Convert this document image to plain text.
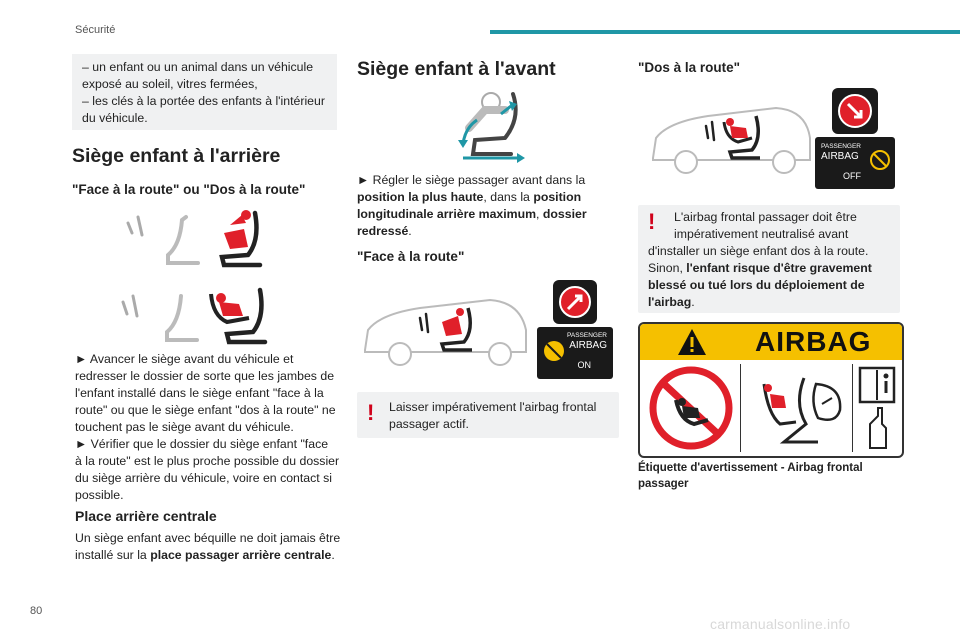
Sécurité

– un enfant ou un animal dans un véhicule

exposé au soleil, vitres fermées,

– les clés à la portée des enfants à l'intérieur

du véhicule.

Siège enfant à l'arrière
"Face à la route" ou "Dos à la route"
► Avancer le siège avant du véhicule et
redresser le dossier de sorte que les jambes de
l'enfant installé dans le siège enfant "face à la
route" ou que le siège enfant "dos à la route" ne
touchent pas le siège avant du véhicule.
► Vérifier que le dossier du siège enfant "face
à la route" est le plus proche possible du dossier
du siège arrière du véhicule, voire en contact si
possible.
Place arrière centrale
Un siège enfant avec béquille ne doit jamais être
installé sur la place passager arrière centrale.
Siège enfant à l'avant
► Régler le siège passager avant dans la
position la plus haute, dans la position
longitudinale arrière maximum, dossier
redressé.
"Face à la route"
PASSENGER
AIRBAG
ON
! Laisser impérativement l'airbag frontal
passager actif.
"Dos à la route"
PASSENGER
AIRBAG
OFF
! L'airbag frontal passager doit être
impérativement neutralisé avant
d'installer un siège enfant dos à la route.
Sinon, l'enfant risque d'être gravement
blessé ou tué lors du déploiement de
l'airbag.
AIRBAG
Étiquette d'avertissement - Airbag frontal
passager
80
carmanualsonline.info
